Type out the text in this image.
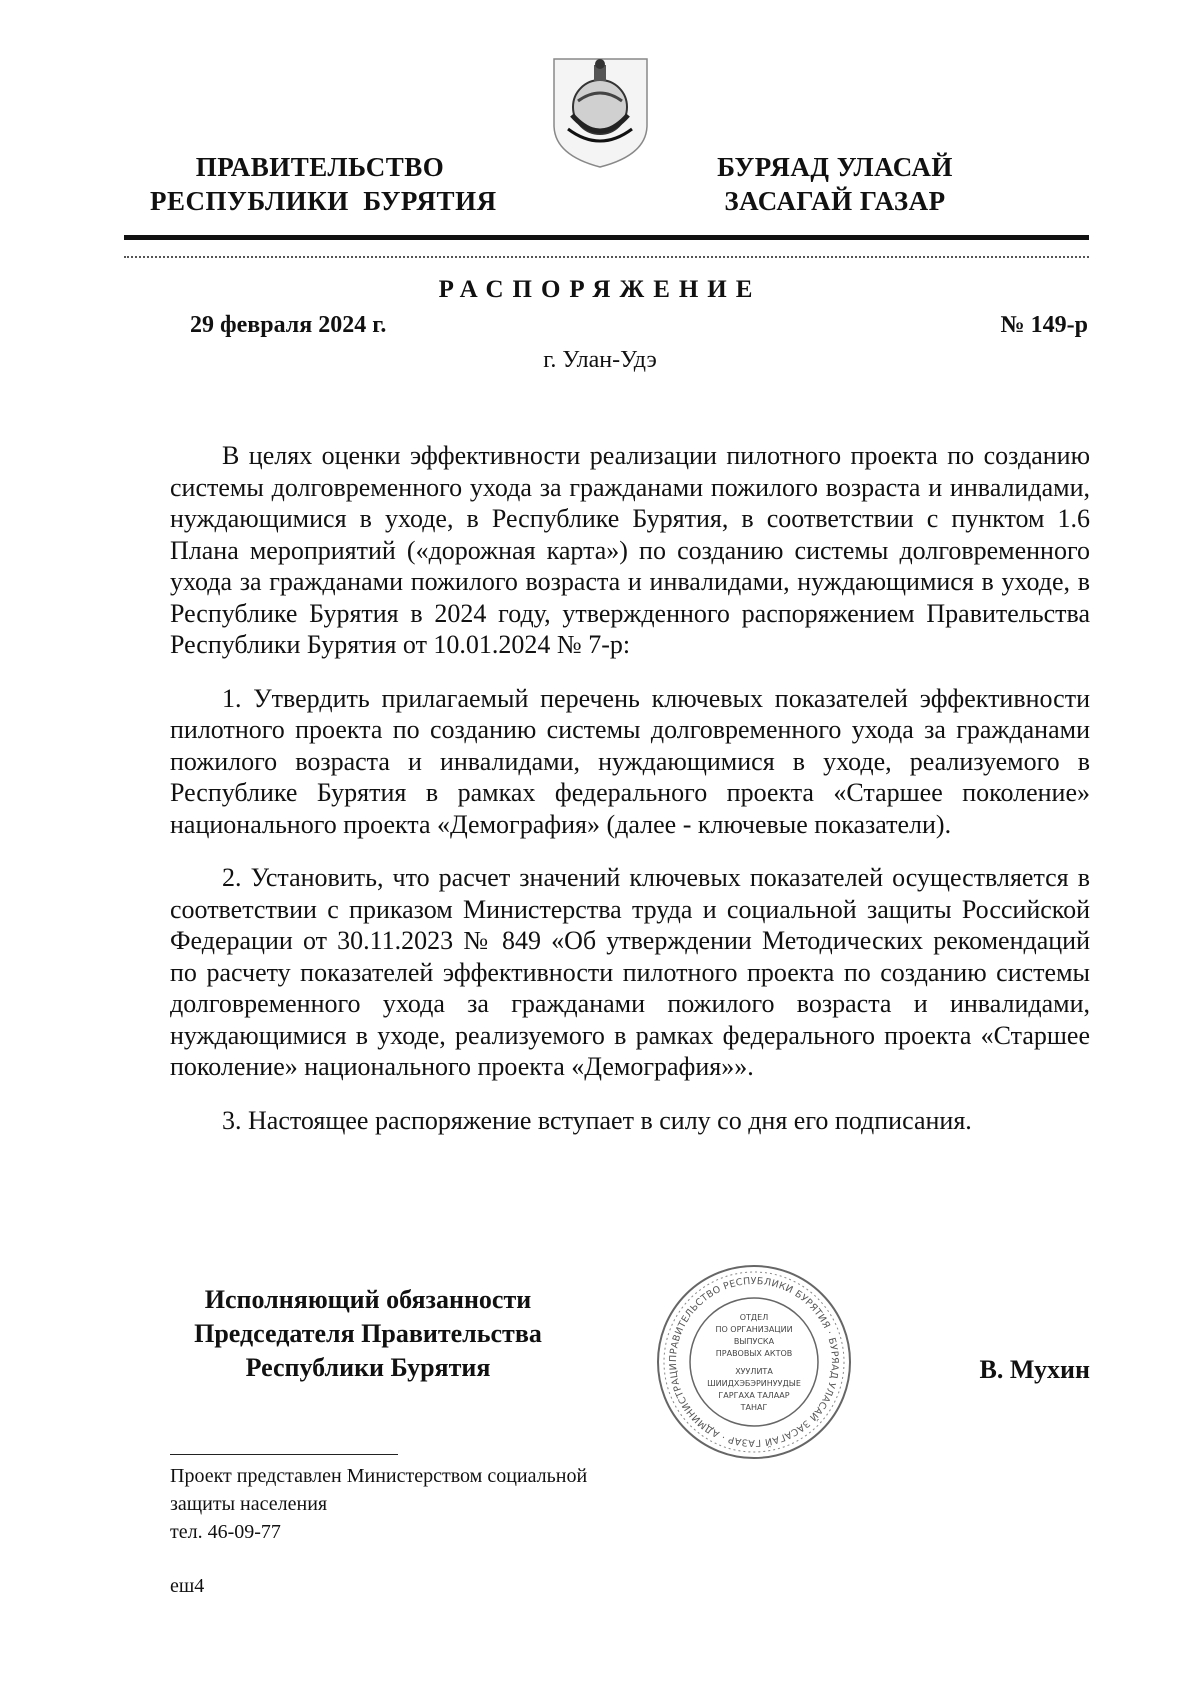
ПРАВИТЕЛЬСТВО
РЕСПУБЛИКИ  БУРЯТИЯ
БУРЯАД УЛАСАЙ
ЗАСАГАЙ ГАЗАР
РАСПОРЯЖЕНИЕ
29 февраля 2024 г.	№ 149-р
г. Улан-Удэ

В целях оценки эффективности реализации пилотного проекта по созданию системы долговременного ухода за гражданами пожилого возраста и инвалидами, нуждающимися в уходе, в Республике Бурятия, в соответствии с пунктом 1.6 Плана мероприятий («дорожная карта») по созданию системы долговременного ухода за гражданами пожилого возраста и инвалидами, нуждающимися в уходе, в Республике Бурятия в 2024 году, утвержденного распоряжением Правительства Республики Бурятия от 10.01.2024 № 7-р:

1. Утвердить прилагаемый перечень ключевых показателей эффективности пилотного проекта по созданию системы долговременного ухода за гражданами пожилого возраста и инвалидами, нуждающимися в уходе, реализуемого в Республике Бурятия в рамках федерального проекта «Старшее поколение» национального проекта «Демография» (далее - ключевые показатели).

2. Установить, что расчет значений ключевых показателей осуществляется в соответствии с приказом Министерства труда и социальной защиты Российской Федерации от 30.11.2023 № 849 «Об утверждении Методических рекомендаций по расчету показателей эффективности пилотного проекта по созданию системы долговременного ухода за гражданами пожилого возраста и инвалидами, нуждающимися в уходе, реализуемого в рамках федерального проекта «Старшее поколение» национального проекта «Демография»».

3. Настоящее распоряжение вступает в силу со дня его подписания.

Исполняющий обязанности
Председателя Правительства
Республики Бурятия	В. Мухин
ПРАВИТЕЛЬСТВО РЕСПУБЛИКИ БУРЯТИЯ · БУРЯАД УЛАСАЙ ЗАСАГАЙ ГАЗАР · АДМИНИСТРАЦИ
ОТДЕЛ
ПО ОРГАНИЗАЦИИ
ВЫПУСКА
ПРАВОВЫХ АКТОВ
ХУУЛИТА
ШИИДХЭБЭРИНУУДЫЕ
ГАРГАХА ТАЛААР
ТАНАГ
Проект представлен Министерством социальной
защиты населения
тел. 46-09-77
еш4
